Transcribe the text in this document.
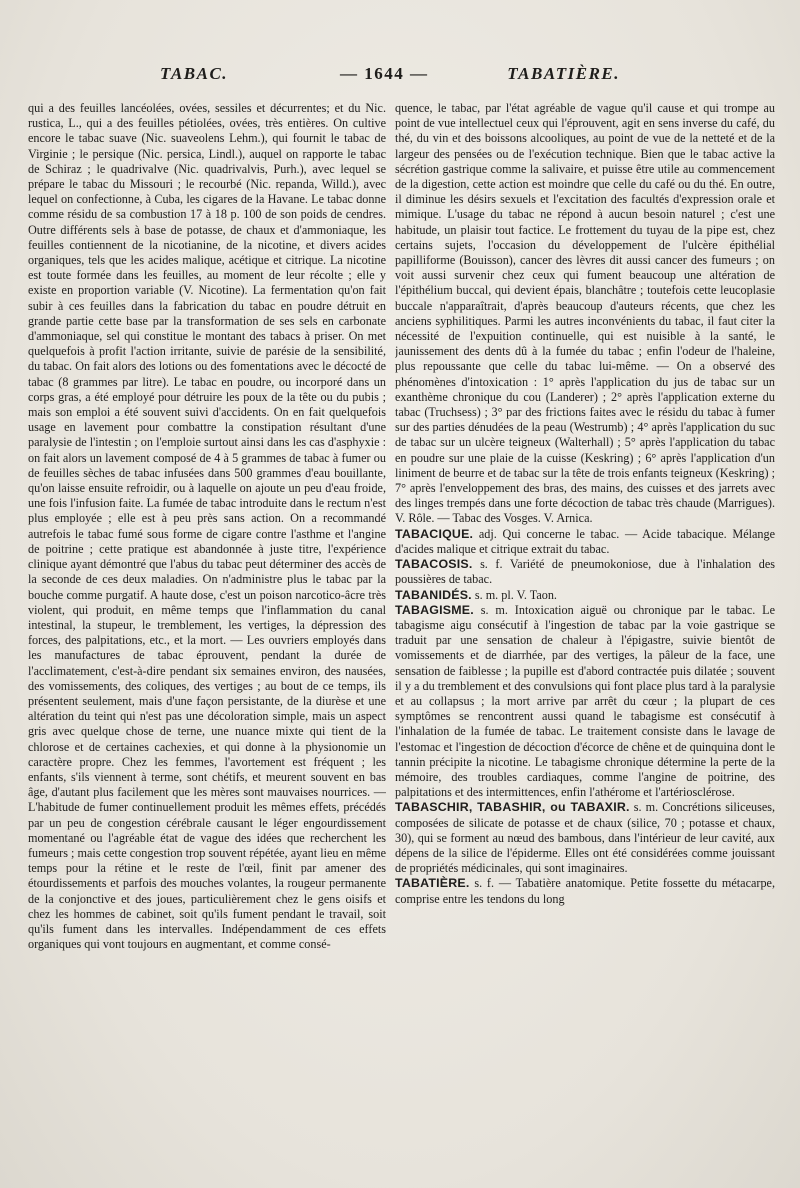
TABAC.	— 1644 —	TABATIÈRE.

qui a des feuilles lancéolées, ovées, sessiles et décurrentes; et du Nic. rustica, L., qui a des feuilles pétiolées, ovées, très entières. On cultive encore le tabac suave (Nic. suaveolens Lehm.), qui fournit le tabac de Virginie ; le persique (Nic. persica, Lindl.), auquel on rapporte le tabac de Schiraz ; le quadrivalve (Nic. quadrivalvis, Purh.), avec lequel se prépare le tabac du Missouri ; le recourbé (Nic. repanda, Willd.), avec lequel on confectionne, à Cuba, les cigares de la Havane. Le tabac donne comme résidu de sa combustion 17 à 18 p. 100 de son poids de cendres. Outre différents sels à base de potasse, de chaux et d'ammoniaque, les feuilles contiennent de la nicotianine, de la nicotine, et divers acides organiques, tels que les acides malique, acétique et citrique. La nicotine est toute formée dans les feuilles, au moment de leur récolte ; elle y existe en proportion variable (V. Nicotine). La fermentation qu'on fait subir à ces feuilles dans la fabrication du tabac en poudre détruit en grande partie cette base par la transformation de ses sels en carbonate d'ammoniaque, sel qui constitue le montant des tabacs à priser. On met quelquefois à profit l'action irritante, suivie de parésie de la sensibilité, du tabac. On fait alors des lotions ou des fomentations avec le décocté de tabac (8 grammes par litre). Le tabac en poudre, ou incorporé dans un corps gras, a été employé pour détruire les poux de la tête ou du pubis ; mais son emploi a été souvent suivi d'accidents. On en fait quelquefois usage en lavement pour combattre la constipation résultant d'une paralysie de l'intestin ; on l'emploie surtout ainsi dans les cas d'asphyxie : on fait alors un lavement composé de 4 à 5 grammes de tabac à fumer ou de feuilles sèches de tabac infusées dans 500 grammes d'eau bouillante, qu'on laisse ensuite refroidir, ou à laquelle on ajoute un peu d'eau froide, une fois l'infusion faite. La fumée de tabac introduite dans le rectum n'est plus employée ; elle est à peu près sans action. On a recommandé autrefois le tabac fumé sous forme de cigare contre l'asthme et l'angine de poitrine ; cette pratique est abandonnée à juste titre, l'expérience clinique ayant démontré que l'abus du tabac peut déterminer des accès de la seconde de ces deux maladies. On n'administre plus le tabac par la bouche comme purgatif. A haute dose, c'est un poison narcotico-âcre très violent, qui produit, en même temps que l'inflammation du canal intestinal, la stupeur, le tremblement, les vertiges, la dépression des forces, des palpitations, etc., et la mort. — Les ouvriers employés dans les manufactures de tabac éprouvent, pendant la durée de l'acclimatement, c'est-à-dire pendant six semaines environ, des nausées, des vomissements, des coliques, des vertiges ; au bout de ce temps, ils présentent seulement, mais d'une façon persistante, de la diurèse et une altération du teint qui n'est pas une décoloration simple, mais un aspect gris avec quelque chose de terne, une nuance mixte qui tient de la chlorose et de certaines cachexies, et qui donne à la physionomie un caractère propre. Chez les femmes, l'avortement est fréquent ; les enfants, s'ils viennent à terme, sont chétifs, et meurent souvent en bas âge, d'autant plus facilement que les mères sont mauvaises nourrices. — L'habitude de fumer continuellement produit les mêmes effets, précédés par un peu de congestion cérébrale causant le léger engourdissement momentané ou l'agréable état de vague des idées que recherchent les fumeurs ; mais cette congestion trop souvent répétée, ayant lieu en même temps pour la rétine et le reste de l'œil, finit par amener des étourdissements et parfois des mouches volantes, la rougeur permanente de la conjonctive et des joues, particulièrement chez le gens oisifs et chez les hommes de cabinet, soit qu'ils fument pendant le travail, soit qu'ils fument dans les intervalles. Indépendamment de ces effets organiques qui vont toujours en augmentant, et comme consé-

quence, le tabac, par l'état agréable de vague qu'il cause et qui trompe au point de vue intellectuel ceux qui l'éprouvent, agit en sens inverse du café, du thé, du vin et des boissons alcooliques, au point de vue de la netteté et de la largeur des pensées ou de l'exécution technique. Bien que le tabac active la sécrétion gastrique comme la salivaire, et puisse être utile au commencement de la digestion, cette action est moindre que celle du café ou du thé. En outre, il diminue les désirs sexuels et l'excitation des facultés d'expression orale et mimique. L'usage du tabac ne répond à aucun besoin naturel ; c'est une habitude, un plaisir tout factice. Le frottement du tuyau de la pipe est, chez certains sujets, l'occasion du développement de l'ulcère épithélial papilliforme (Bouisson), cancer des lèvres dit aussi cancer des fumeurs ; on voit aussi survenir chez ceux qui fument beaucoup une altération de l'épithélium buccal, qui devient épais, blanchâtre ; toutefois cette leucoplasie buccale n'apparaîtrait, d'après beaucoup d'auteurs récents, que chez les anciens syphilitiques. Parmi les autres inconvénients du tabac, il faut citer la nécessité de l'expuition continuelle, qui est nuisible à la santé, le jaunissement des dents dû à la fumée du tabac ; enfin l'odeur de l'haleine, plus repoussante que celle du tabac lui-même. — On a observé des phénomènes d'intoxication : 1° après l'application du jus de tabac sur un exanthème chronique du cou (Landerer) ; 2° après l'application externe du tabac (Truchsess) ; 3° par des frictions faites avec le résidu du tabac à fumer sur des parties dénudées de la peau (Westrumb) ; 4° après l'application du suc de tabac sur un ulcère teigneux (Walterhall) ; 5° après l'application du tabac en poudre sur une plaie de la cuisse (Keskring) ; 6° après l'application d'un liniment de beurre et de tabac sur la tête de trois enfants teigneux (Keskring) ; 7° après l'enveloppement des bras, des mains, des cuisses et des jarrets avec des linges trempés dans une forte décoction de tabac très chaude (Marrigues). V. Rôle. — Tabac des Vosges. V. Arnica.

TABACIQUE. adj. Qui concerne le tabac. — Acide tabacique. Mélange d'acides malique et citrique extrait du tabac.

TABACOSIS. s. f. Variété de pneumokoniose, due à l'inhalation des poussières de tabac.

TABANIDÉS. s. m. pl. V. Taon.

TABAGISME. s. m. Intoxication aiguë ou chronique par le tabac. Le tabagisme aigu consécutif à l'ingestion de tabac par la voie gastrique se traduit par une sensation de chaleur à l'épigastre, suivie bientôt de vomissements et de diarrhée, par des vertiges, la pâleur de la face, une sensation de faiblesse ; la pupille est d'abord contractée puis dilatée ; souvent il y a du tremblement et des convulsions qui font place plus tard à la paralysie et au collapsus ; la mort arrive par arrêt du cœur ; la plupart de ces symptômes se rencontrent aussi quand le tabagisme est consécutif à l'inhalation de la fumée de tabac. Le traitement consiste dans le lavage de l'estomac et l'ingestion de décoction d'écorce de chêne et de quinquina dont le tannin précipite la nicotine. Le tabagisme chronique détermine la perte de la mémoire, des troubles cardiaques, comme l'angine de poitrine, des palpitations et des intermittences, enfin l'athérome et l'artériosclérose.

TABASCHIR, TABASHIR, ou TABAXIR. s. m. Concrétions siliceuses, composées de silicate de potasse et de chaux (silice, 70 ; potasse et chaux, 30), qui se forment au nœud des bambous, dans l'intérieur de leur cavité, aux dépens de la silice de l'épiderme. Elles ont été considérées comme jouissant de propriétés médicinales, qui sont imaginaires.

TABATIÈRE. s. f. — Tabatière anatomique. Petite fossette du métacarpe, comprise entre les tendons du long
